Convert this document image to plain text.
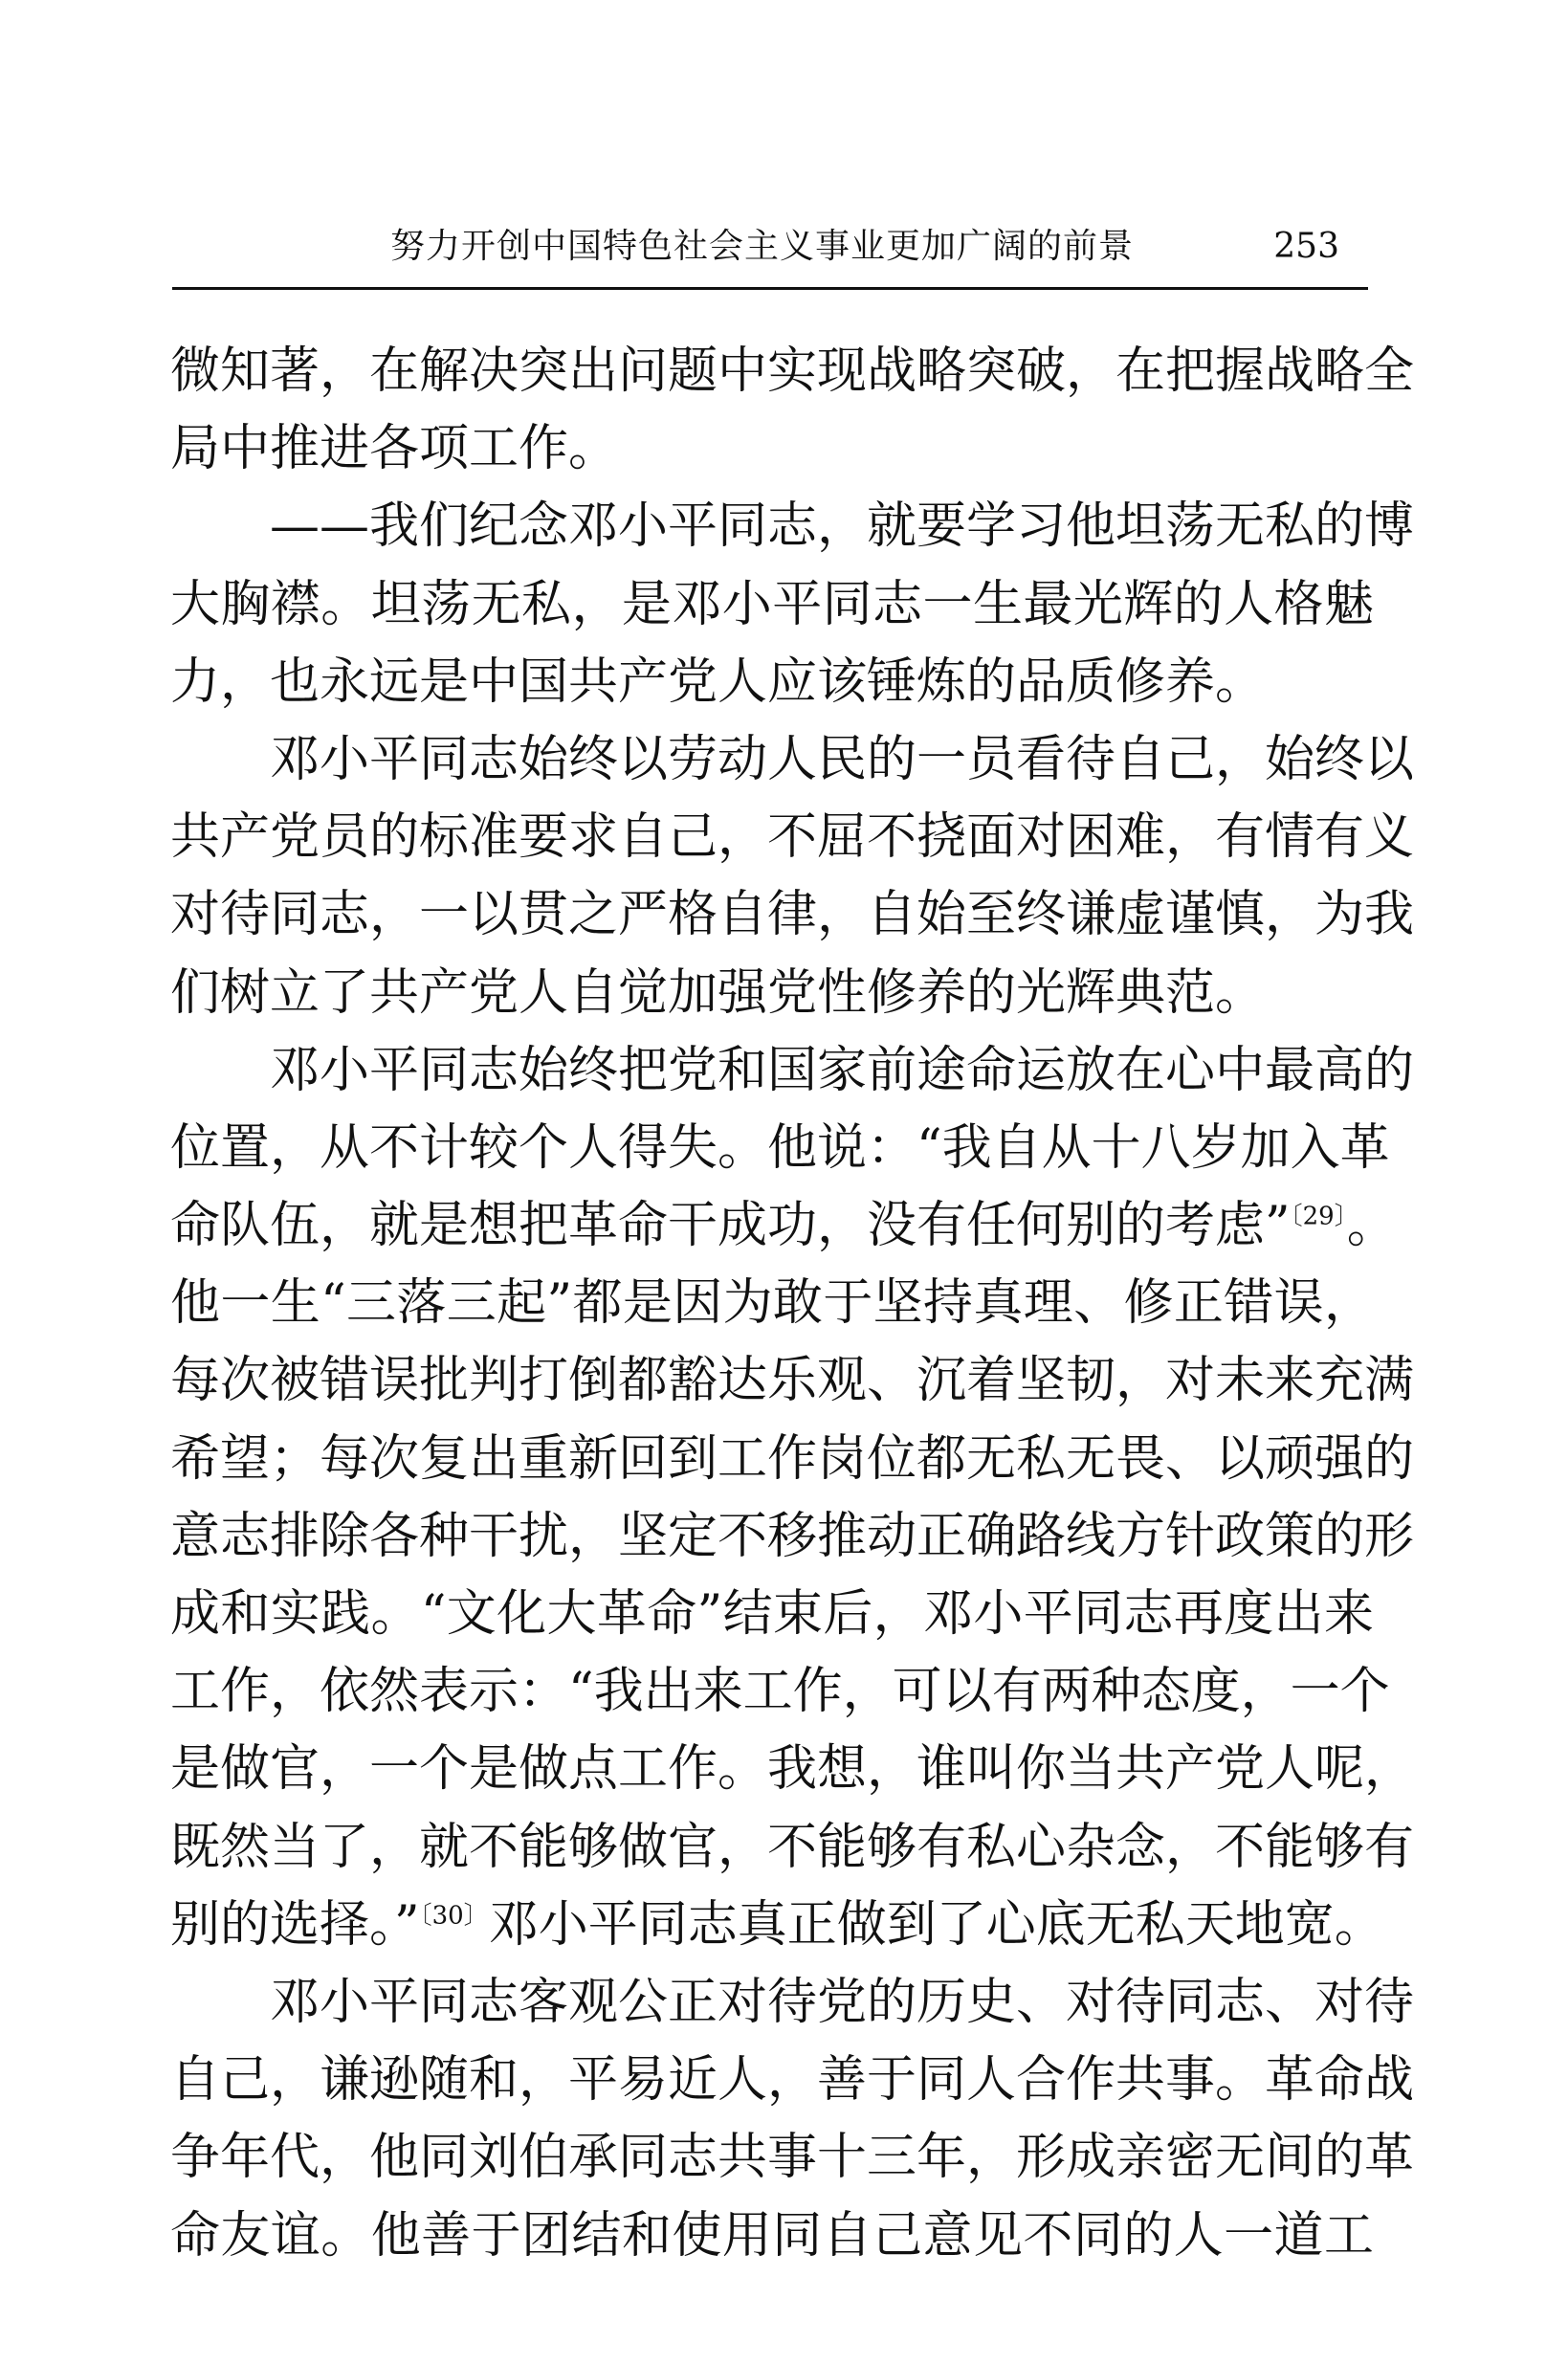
努力开创中国特色社会主义事业更加广阔的前景	253
微知著，在解决突出问题中实现战略突破，在把握战略全
局中推进各项工作。
——我们纪念邓小平同志，就要学习他坦荡无私的博
大胸襟。坦荡无私，是邓小平同志一生最光辉的人格魅
力，也永远是中国共产党人应该锤炼的品质修养。
邓小平同志始终以劳动人民的一员看待自己，始终以
共产党员的标准要求自己，不屈不挠面对困难，有情有义
对待同志，一以贯之严格自律，自始至终谦虚谨慎，为我
们树立了共产党人自觉加强党性修养的光辉典范。
邓小平同志始终把党和国家前途命运放在心中最高的
位置，从不计较个人得失。他说：“我自从十八岁加入革
命队伍，就是想把革命干成功，没有任何别的考虑”$^{〔29〕}$。
他一生“三落三起”都是因为敢于坚持真理、修正错误，
每次被错误批判打倒都豁达乐观、沉着坚韧，对未来充满
希望；每次复出重新回到工作岗位都无私无畏、以顽强的
意志排除各种干扰，坚定不移推动正确路线方针政策的形
成和实践。“文化大革命”结束后，邓小平同志再度出来
工作，依然表示：“我出来工作，可以有两种态度，一个
是做官，一个是做点工作。我想，谁叫你当共产党人呢，
既然当了，就不能够做官，不能够有私心杂念，不能够有
别的选择。”$^{〔30〕}$邓小平同志真正做到了心底无私天地宽。
邓小平同志客观公正对待党的历史、对待同志、对待
自己，谦逊随和，平易近人，善于同人合作共事。革命战
争年代，他同刘伯承同志共事十三年，形成亲密无间的革
命友谊。他善于团结和使用同自己意见不同的人一道工
